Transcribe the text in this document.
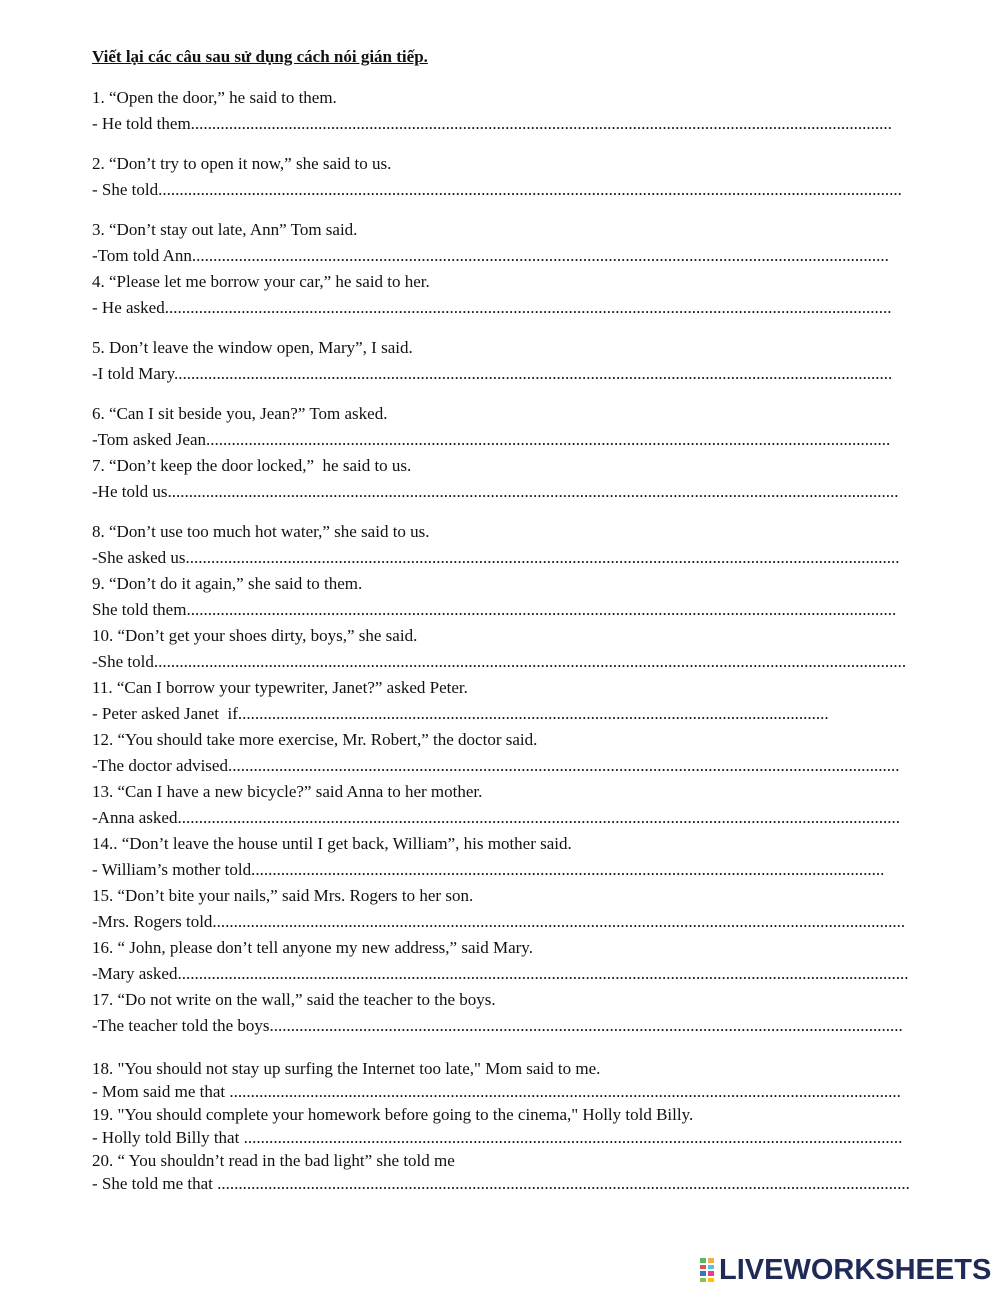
Viết lại các câu sau sử dụng cách nói gián tiếp.
1. “Open the door,” he said to them.
- He told them.....................................................................................................................................................................
2. “Don’t try to open it now,” she said to us.
- She told...............................................................................................................................................................................
3. “Don’t stay out late, Ann” Tom said.
-Tom told Ann....................................................................................................................................................................
4. “Please let me borrow your car,” he said to her.
- He asked...........................................................................................................................................................................
5. Don’t leave the window open, Mary”, I said.
-I told Mary.........................................................................................................................................................................
6. “Can I sit beside you, Jean?” Tom asked.
-Tom asked Jean.................................................................................................................................................................
7. “Don’t keep the door locked,”  he said to us.
-He told us............................................................................................................................................................................
8. “Don’t use too much hot water,” she said to us.
-She asked us........................................................................................................................................................................
9. “Don’t do it again,” she said to them.
She told them.......................................................................................................................................................................
10. “Don’t get your shoes dirty, boys,” she said.
-She told.................................................................................................................................................................................
11. “Can I borrow your typewriter, Janet?” asked Peter.
- Peter asked Janet  if...........................................................................................................................................
12. “You should take more exercise, Mr. Robert,” the doctor said.
-The doctor advised..............................................................................................................................................................
13. “Can I have a new bicycle?” said Anna to her mother.
-Anna asked..........................................................................................................................................................................
14.. “Don’t leave the house until I get back, William”, his mother said.
- William’s mother told.....................................................................................................................................................
15. “Don’t bite your nails,” said Mrs. Rogers to her son.
-Mrs. Rogers told...................................................................................................................................................................
16. “ John, please don’t tell anyone my new address,” said Mary.
-Mary asked............................................................................................................................................................................
17. “Do not write on the wall,” said the teacher to the boys.
-The teacher told the boys.....................................................................................................................................................
18. "You should not stay up surfing the Internet too late," Mom said to me.
- Mom said me that ..............................................................................................................................................................
19. "You should complete your homework before going to the cinema," Holly told Billy.
- Holly told Billy that ...........................................................................................................................................................
20. “ You shouldn’t read in the bad light” she told me
- She told me that ...................................................................................................................................................................
LIVEWORKSHEETS
